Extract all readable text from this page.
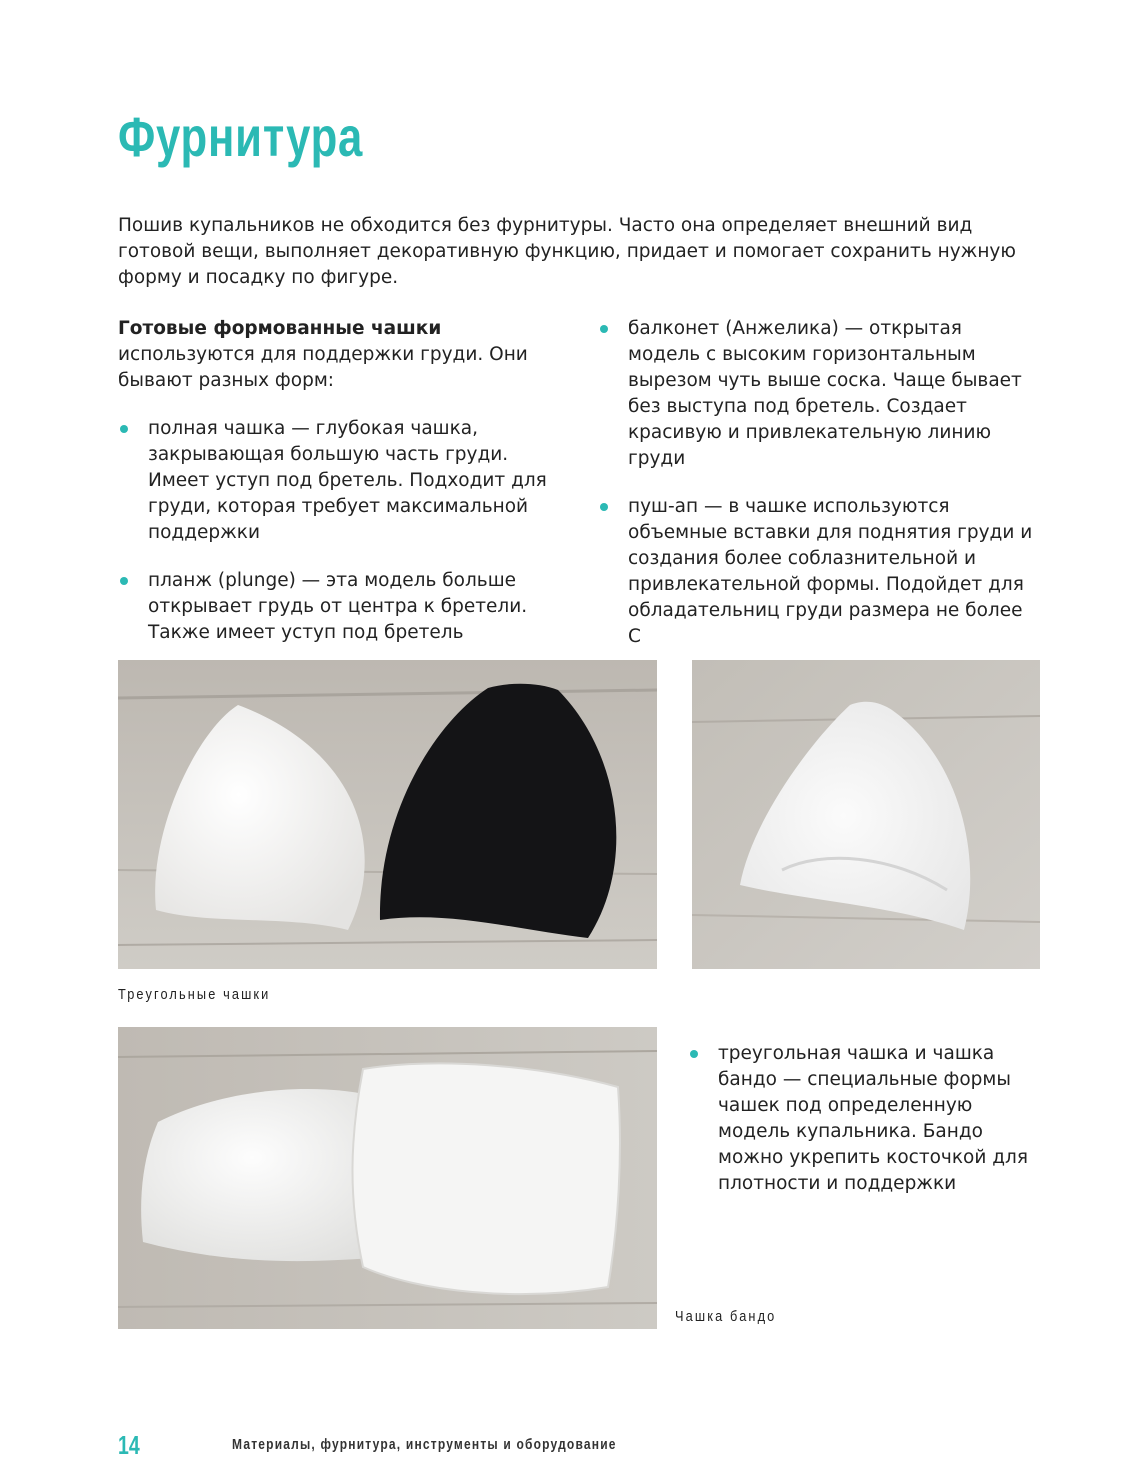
Фурнитура

Пошив купальников не обходится без фурнитуры. Часто она определяет внешний вид готовой вещи, выполняет декоративную функцию, придает и помогает сохранить нужную форму и посадку по фигуре.

Готовые формованные чашки используются для поддержки груди. Они бывают разных форм:

полная чашка — глубокая чашка, закрывающая большую часть груди. Имеет уступ под бретель. Подходит для груди, которая требует максимальной поддержки
планж (plunge) — эта модель больше открывает грудь от центра к бретели. Также имеет уступ под бретель
балконет (Анжелика) — открытая модель с высоким горизонтальным вырезом чуть выше соска. Чаще бывает без выступа под бретель. Создает красивую и привлекательную линию груди
пуш-ап — в чашке используются объемные вставки для поднятия груди и создания более соблазнительной и привлекательной формы. Подойдет для обладательниц груди размера не более С
Треугольные чашки
треугольная чашка и чашка бандо — специальные формы чашек под определенную модель купальника. Бандо можно укрепить косточкой для плотности и поддержки
Чашка бандо
14	Материалы, фурнитура, инструменты и оборудование
